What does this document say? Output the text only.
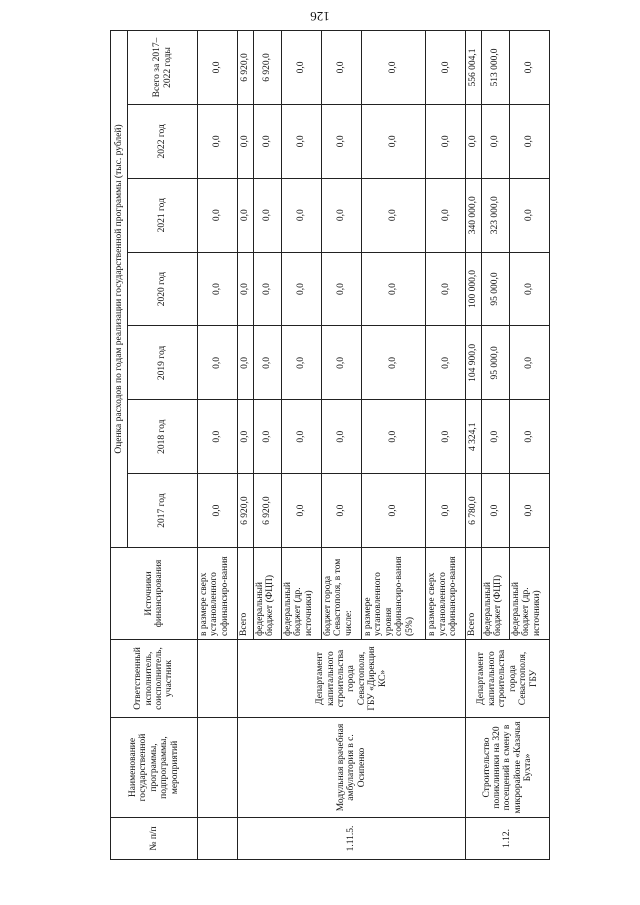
126
№ п/п	Наименование государственной программы, подпрограммы, мероприятий	Ответственный исполнитель, соисполнитель, участник	Источники финансирования	Оценка расходов по годам реализации государственной программы (тыс. рублей)						
				2017 год	2018 год	2019 год	2020 год	2021 год	2022 год	Всего за 2017–2022 годы
			в размере сверх установленного софинансиро-вания	0,0	0,0	0,0	0,0	0,0	0,0	0,0
1.11.5.	Модульная врачебная амбулатория в с. Осипенко	Департамент капитального строительства города Севастополя, ГБУ «Дирекция КС»	Всего	6 920,0	0,0	0,0	0,0	0,0	0,0	6 920,0
			федеральный бюджет (ФЦП)	6 920,0	0,0	0,0	0,0	0,0	0,0	6 920,0
			федеральный бюджет (др. источники)	0,0	0,0	0,0	0,0	0,0	0,0	0,0
			бюджет города Севастополя, в том числе:	0,0	0,0	0,0	0,0	0,0	0,0	0,0
			в размере установленного уровня софинансиро-вания (5%)	0,0	0,0	0,0	0,0	0,0	0,0	0,0
			в размере сверх установленного софинансиро-вания	0,0	0,0	0,0	0,0	0,0	0,0	0,0
1.12.	Строительство поликлиники на 320 посещений в смену в микрорайоне «Казачья Бухта»	Департамент капитального строительства города Севастополя, ГБУ	Всего	6 780,0	4 324,1	104 900,0	100 000,0	340 000,0	0,0	556 004,1
			федеральный бюджет (ФЦП)	0,0	0,0	95 000,0	95 000,0	323 000,0	0,0	513 000,0
			федеральный бюджет (др. источники)	0,0	0,0	0,0	0,0	0,0	0,0	0,0
